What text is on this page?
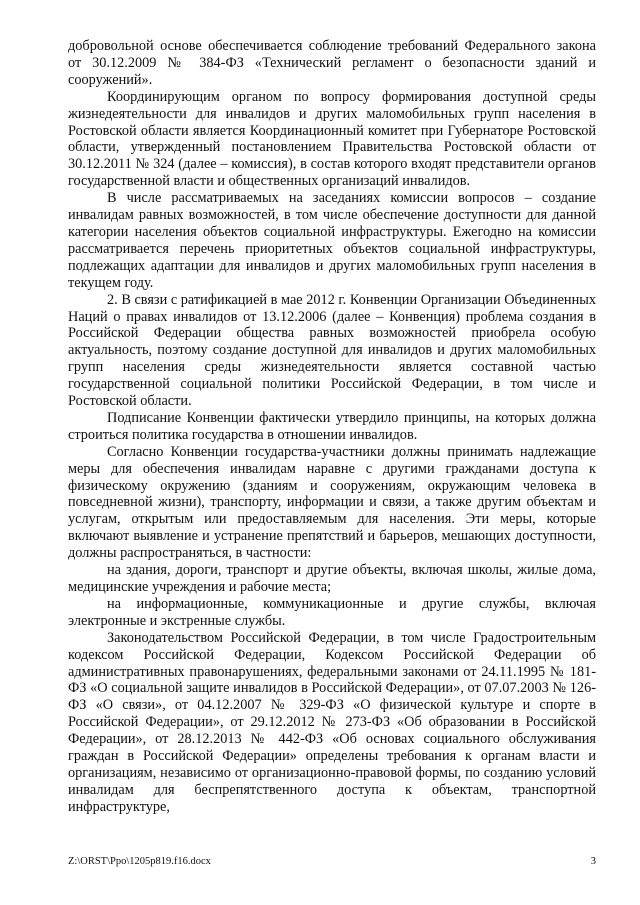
добровольной основе обеспечивается соблюдение требований Федерального закона от 30.12.2009 № 384-ФЗ «Технический регламент о безопасности зданий и сооружений».

Координирующим органом по вопросу формирования доступной среды жизнедеятельности для инвалидов и других маломобильных групп населения в Ростовской области является Координационный комитет при Губернаторе Ростовской области, утвержденный постановлением Правительства Ростовской области от 30.12.2011 № 324 (далее – комиссия), в состав которого входят представители органов государственной власти и общественных организаций инвалидов.

В числе рассматриваемых на заседаниях комиссии вопросов – создание инвалидам равных возможностей, в том числе обеспечение доступности для данной категории населения объектов социальной инфраструктуры. Ежегодно на комиссии рассматривается перечень приоритетных объектов социальной инфраструктуры, подлежащих адаптации для инвалидов и других маломобильных групп населения в текущем году.

2. В связи с ратификацией в мае 2012 г. Конвенции Организации Объединенных Наций о правах инвалидов от 13.12.2006 (далее – Конвенция) проблема создания в Российской Федерации общества равных возможностей приобрела особую актуальность, поэтому создание доступной для инвалидов и других маломобильных групп населения среды жизнедеятельности является составной частью государственной социальной политики Российской Федерации, в том числе и Ростовской области.

Подписание Конвенции фактически утвердило принципы, на которых должна строиться политика государства в отношении инвалидов.

Согласно Конвенции государства-участники должны принимать надлежащие меры для обеспечения инвалидам наравне с другими гражданами доступа к физическому окружению (зданиям и сооружениям, окружающим человека в повседневной жизни), транспорту, информации и связи, а также другим объектам и услугам, открытым или предоставляемым для населения. Эти меры, которые включают выявление и устранение препятствий и барьеров, мешающих доступности, должны распространяться, в частности:

на здания, дороги, транспорт и другие объекты, включая школы, жилые дома, медицинские учреждения и рабочие места;

на информационные, коммуникационные и другие службы, включая электронные и экстренные службы.

Законодательством Российской Федерации, в том числе Градостроительным кодексом Российской Федерации, Кодексом Российской Федерации об административных правонарушениях, федеральными законами от 24.11.1995 № 181-ФЗ «О социальной защите инвалидов в Российской Федерации», от 07.07.2003 № 126-ФЗ «О связи», от 04.12.2007 № 329-ФЗ «О физической культуре и спорте в Российской Федерации», от 29.12.2012 № 273-ФЗ «Об образовании в Российской Федерации», от 28.12.2013 № 442-ФЗ «Об основах социального обслуживания граждан в Российской Федерации» определены требования к органам власти и организациям, независимо от организационно-правовой формы, по созданию условий инвалидам для беспрепятственного доступа к объектам, транспортной инфраструктуре,

Z:\ORST\Ppo\1205p819.f16.docx	3
